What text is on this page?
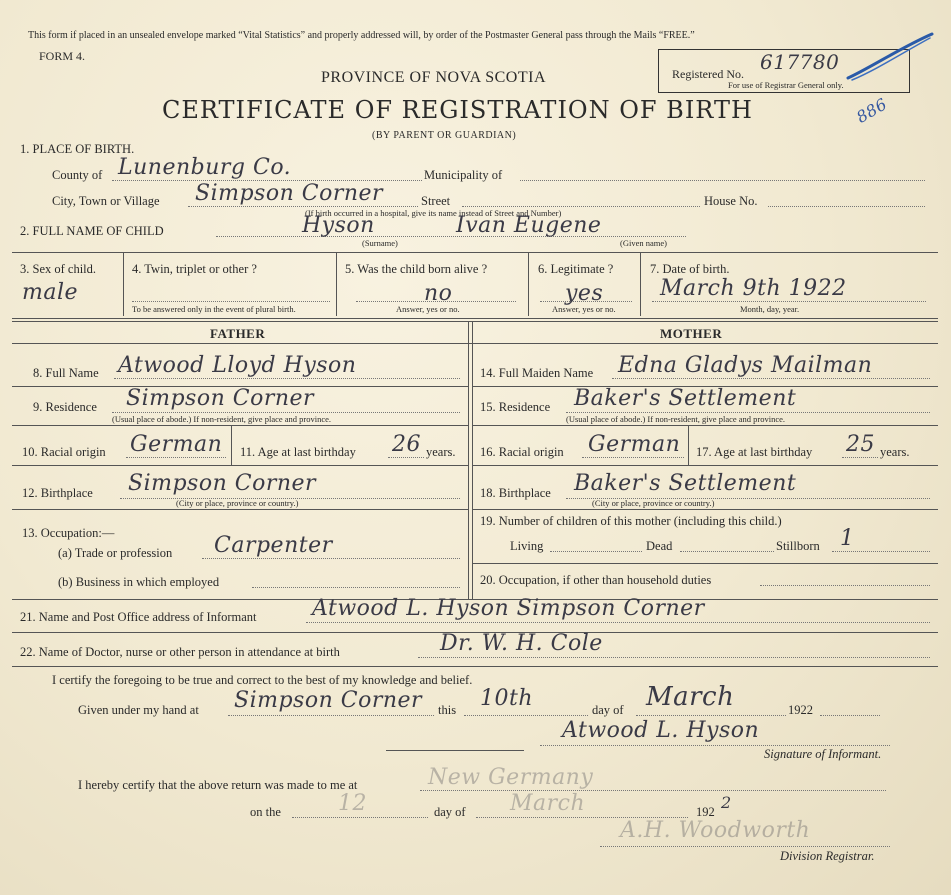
This form if placed in an unsealed envelope marked “Vital Statistics” and properly addressed will, by order of the Postmaster General pass through the Mails “FREE.”
FORM 4.
PROVINCE OF NOVA SCOTIA
CERTIFICATE OF REGISTRATION OF BIRTH
(BY PARENT OR GUARDIAN)
Registered No. 617780
For use of Registrar General only.
886
1. PLACE OF BIRTH.
County of Lunenburg Co.	Municipality of
City, Town or Village Simpson Corner	Street	House No.
(If birth occurred in a hospital, give its name instead of Street and Number)
2. FULL NAME OF CHILD	Hyson	Ivan Eugene
(Surname)	(Given name)
3. Sex of child.
male
4. Twin, triplet or other ?
To be answered only in the event of plural birth.
5. Was the child born alive ?
no
Answer, yes or no.
6. Legitimate ?
yes
Answer, yes or no.
7. Date of birth.
March 9th 1922
Month, day, year.
FATHER	MOTHER
8. Full Name Atwood Lloyd Hyson
9. Residence Simpson Corner
(Usual place of abode.) If non-resident, give place and province.
10. Racial origin German 11. Age at last birthday 26 years.
12. Birthplace Simpson Corner
(City or place, province or country.)
13. Occupation:—
(a) Trade or profession Carpenter
(b) Business in which employed
14. Full Maiden Name Edna Gladys Mailman
15. Residence Baker's Settlement
(Usual place of abode.) If non-resident, give place and province.
16. Racial origin German 17. Age at last birthday 25 years.
18. Birthplace Baker's Settlement
(City or place, province or country.)
19. Number of children of this mother (including this child.)
Living	Dead	Stillborn 1
20. Occupation, if other than household duties
21. Name and Post Office address of Informant	Atwood L. Hyson Simpson Corner
22. Name of Doctor, nurse or other person in attendance at birth	Dr. W. H. Cole
I certify the foregoing to be true and correct to the best of my knowledge and belief.
Given under my hand at Simpson Corner this 10th	day of March	1922
Atwood L. Hyson
Signature of Informant.
I hereby certify that the above return was made to me at	New Germany
on the	12	day of March	192 2
A.H. Woodworth
Division Registrar.
